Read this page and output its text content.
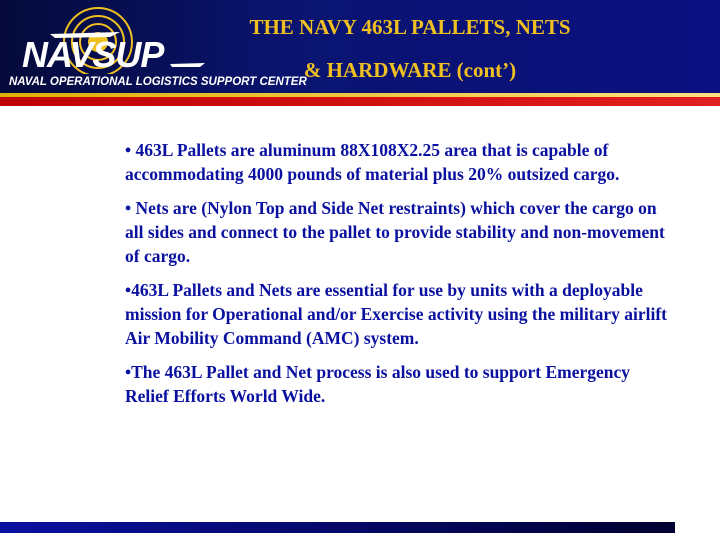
NAVSUP
NAVAL OPERATIONAL LOGISTICS SUPPORT CENTER
THE NAVY 463L PALLETS, NETS
& HARDWARE (cont’)

• 463L Pallets are aluminum 88X108X2.25 area that is capable of accommodating 4000 pounds of material plus 20% outsized cargo.

• Nets are (Nylon Top and Side Net restraints) which cover the cargo on all sides and connect to the pallet to provide stability and non-movement of cargo.

•463L Pallets and Nets are essential for use by units with a deployable mission for Operational and/or Exercise activity using the military airlift Air Mobility Command (AMC) system.

•The 463L Pallet and Net process is also used to support Emergency Relief Efforts World Wide.
